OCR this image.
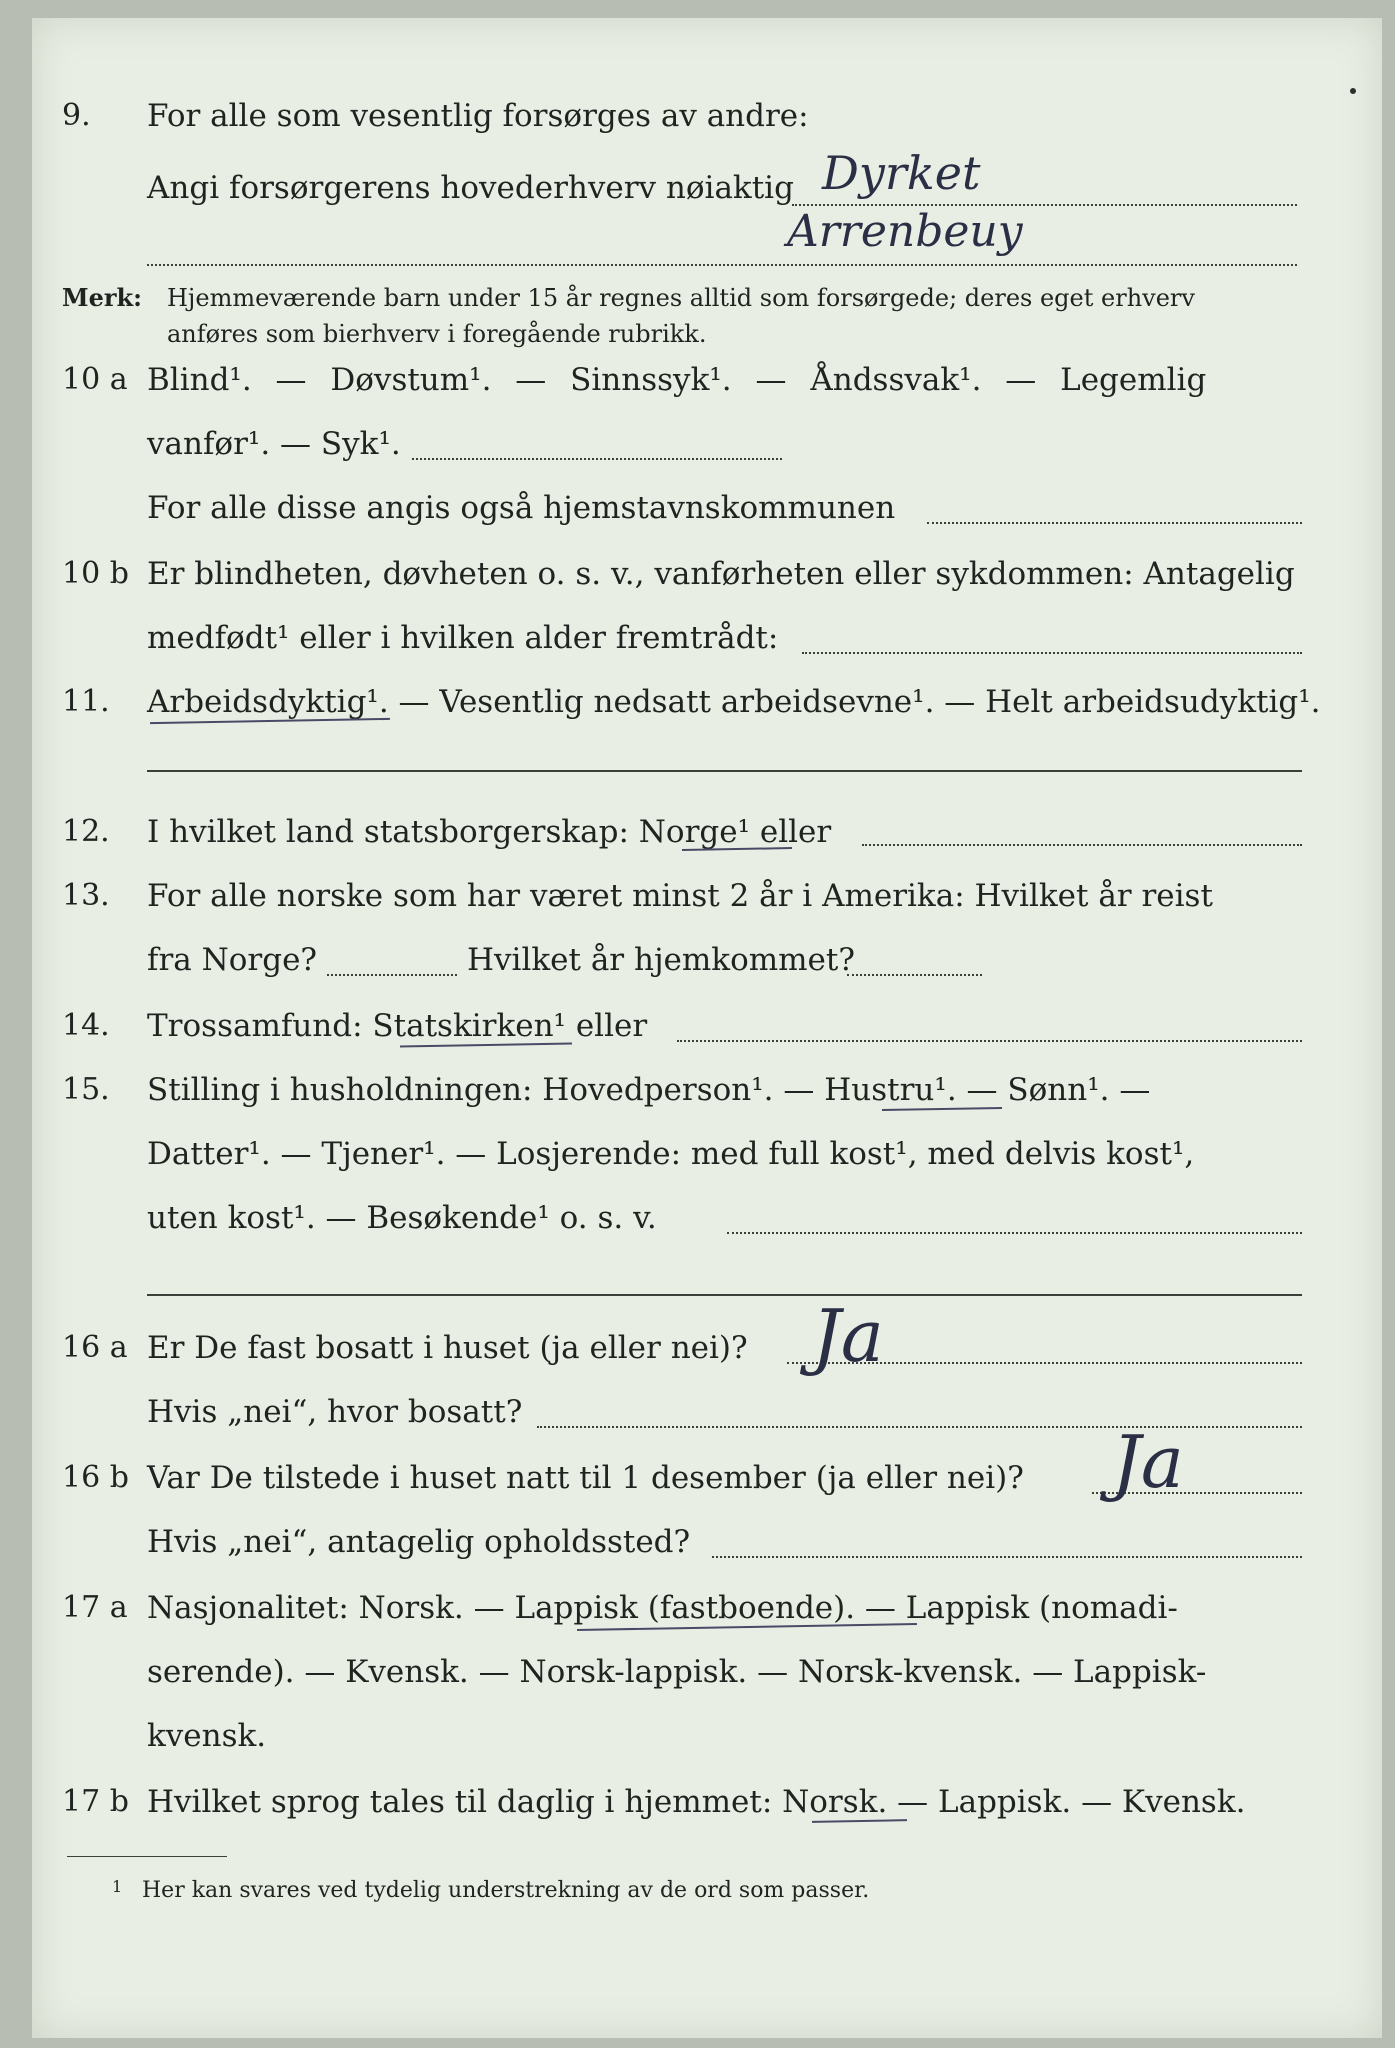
9.	For alle som vesentlig forsørges av andre:
Angi forsørgerens hovederhverv nøiaktig Dyrket
Arrenbeuy
Merk: Hjemmeværende barn under 15 år regnes alltid som forsørgede; deres eget erhverv
anføres som bierhverv i foregående rubrikk.
10 a Blind¹. — Døvstum¹. — Sinnssyk¹. — Åndssvak¹. — Legemlig
vanfør¹. — Syk¹.
For alle disse angis også hjemstavnskommunen
10 b Er blindheten, døvheten o. s. v., vanførheten eller sykdommen: Antagelig
medfødt¹ eller i hvilken alder fremtrådt:
11.	Arbeidsdyktig¹. — Vesentlig nedsatt arbeidsevne¹. — Helt arbeidsudyktig¹.
12.	I hvilket land statsborgerskap: Norge¹ eller
13.	For alle norske som har været minst 2 år i Amerika: Hvilket år reist
fra Norge?	Hvilket år hjemkommet?
14.	Trossamfund: Statskirken¹ eller
15.	Stilling i husholdningen: Hovedperson¹. — Hustru¹. — Sønn¹. —
Datter¹. — Tjener¹. — Losjerende: med full kost¹, med delvis kost¹,
uten kost¹. — Besøkende¹ o. s. v.
16 a Er De fast bosatt i huset (ja eller nei)? Ja
Hvis „nei“, hvor bosatt?
16 b Var De tilstede i huset natt til 1 desember (ja eller nei)? Ja
Hvis „nei“, antagelig opholdssted?
17 a Nasjonalitet: Norsk. — Lappisk (fastboende). — Lappisk (nomadi-
serende). — Kvensk. — Norsk-lappisk. — Norsk-kvensk. — Lappisk-
kvensk.
17 b Hvilket sprog tales til daglig i hjemmet: Norsk. — Lappisk. — Kvensk.
1 Her kan svares ved tydelig understrekning av de ord som passer.
